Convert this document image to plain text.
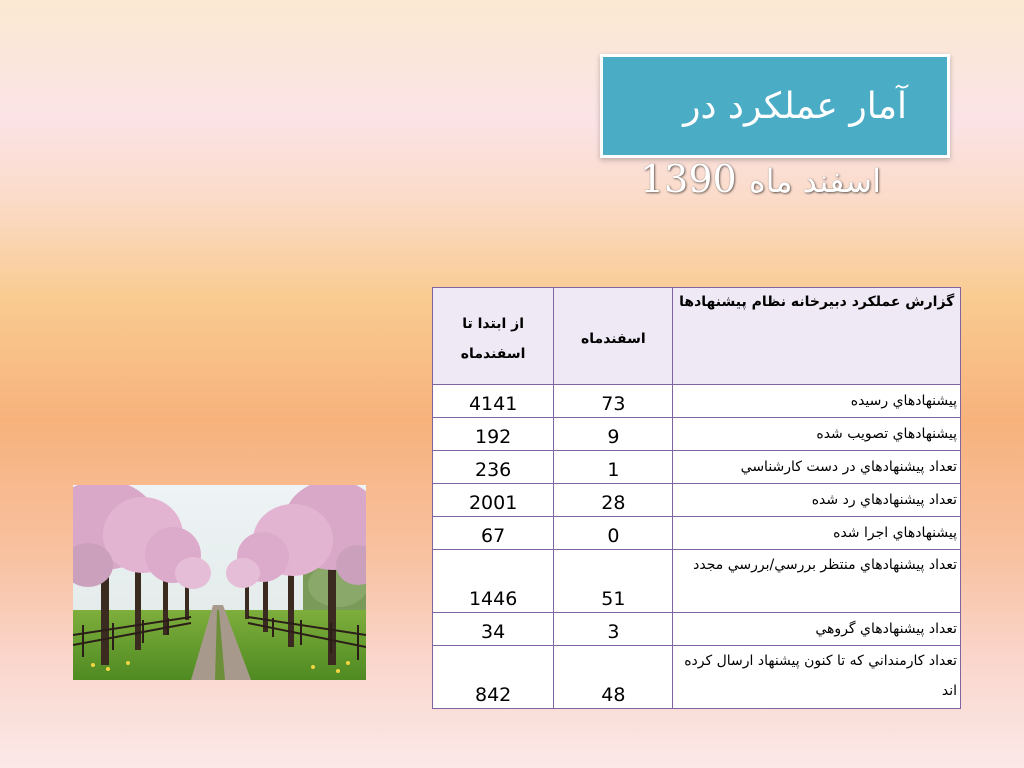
آمار عملکرد در
اسفند ماه 1390
گزارش عملکرد دبيرخانه نظام پيشنهادها	اسفندماه	از ابتدا تا اسفندماه
پيشنهادهاي رسيده	73	4141
پيشنهادهاي تصويب شده	9	192
تعداد پيشنهادهاي در دست كارشناسي	1	236
تعداد پيشنهادهاي رد شده	28	2001
پيشنهادهاي اجرا شده	0	67
تعداد پيشنهادهاي منتظر بررسي/بررسي مجدد	51	1446
تعداد پيشنهادهاي گروهي	3	34
تعداد كارمنداني كه تا كنون پيشنهاد ارسال كرده اند	48	842
